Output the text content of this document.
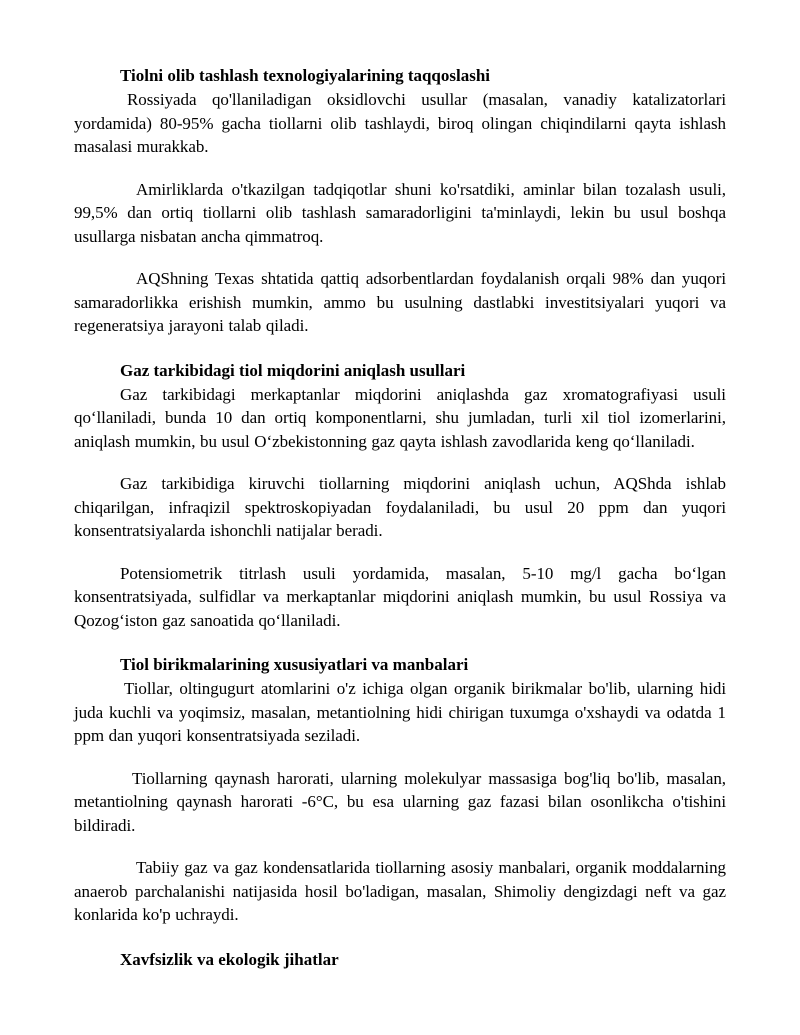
Tiolni olib tashlash texnologiyalarining taqqoslashi

Rossiyada qo'llaniladigan oksidlovchi usullar (masalan, vanadiy katalizatorlari yordamida) 80-95% gacha tiollarni olib tashlaydi, biroq olingan chiqindilarni qayta ishlash masalasi murakkab.

Amirliklarda o'tkazilgan tadqiqotlar shuni ko'rsatdiki, aminlar bilan tozalash usuli, 99,5% dan ortiq tiollarni olib tashlash samaradorligini ta'minlaydi, lekin bu usul boshqa usullarga nisbatan ancha qimmatroq.

AQShning Texas shtatida qattiq adsorbentlardan foydalanish orqali 98% dan yuqori samaradorlikka erishish mumkin, ammo bu usulning dastlabki investitsiyalari yuqori va regeneratsiya jarayoni talab qiladi.

Gaz tarkibidagi tiol miqdorini aniqlash usullari

Gaz tarkibidagi merkaptanlar miqdorini aniqlashda gaz xromatografiyasi usuli qo‘llaniladi, bunda 10 dan ortiq komponentlarni, shu jumladan, turli xil tiol izomerlarini, aniqlash mumkin, bu usul O‘zbekistonning gaz qayta ishlash zavodlarida keng qo‘llaniladi.

Gaz tarkibidiga kiruvchi tiollarning miqdorini aniqlash uchun, AQShda ishlab chiqarilgan, infraqizil spektroskopiyadan foydalaniladi, bu usul 20 ppm dan yuqori konsentratsiyalarda ishonchli natijalar beradi.

Potensiometrik titrlash usuli yordamida, masalan, 5-10 mg/l gacha bo‘lgan konsentratsiyada, sulfidlar va merkaptanlar miqdorini aniqlash mumkin, bu usul Rossiya va Qozog‘iston gaz sanoatida qo‘llaniladi.

Tiol birikmalarining xususiyatlari va manbalari

Tiollar, oltingugurt atomlarini o'z ichiga olgan organik birikmalar bo'lib, ularning hidi juda kuchli va yoqimsiz, masalan, metantiolning hidi chirigan tuxumga o'xshaydi va odatda 1 ppm dan yuqori konsentratsiyada seziladi.

Tiollarning qaynash harorati, ularning molekulyar massasiga bog'liq bo'lib, masalan, metantiolning qaynash harorati -6°C, bu esa ularning gaz fazasi bilan osonlikcha o'tishini bildiradi.

Tabiiy gaz va gaz kondensatlarida tiollarning asosiy manbalari, organik moddalarning anaerob parchalanishi natijasida hosil bo'ladigan, masalan, Shimoliy dengizdagi neft va gaz konlarida ko'p uchraydi.

Xavfsizlik va ekologik jihatlar
